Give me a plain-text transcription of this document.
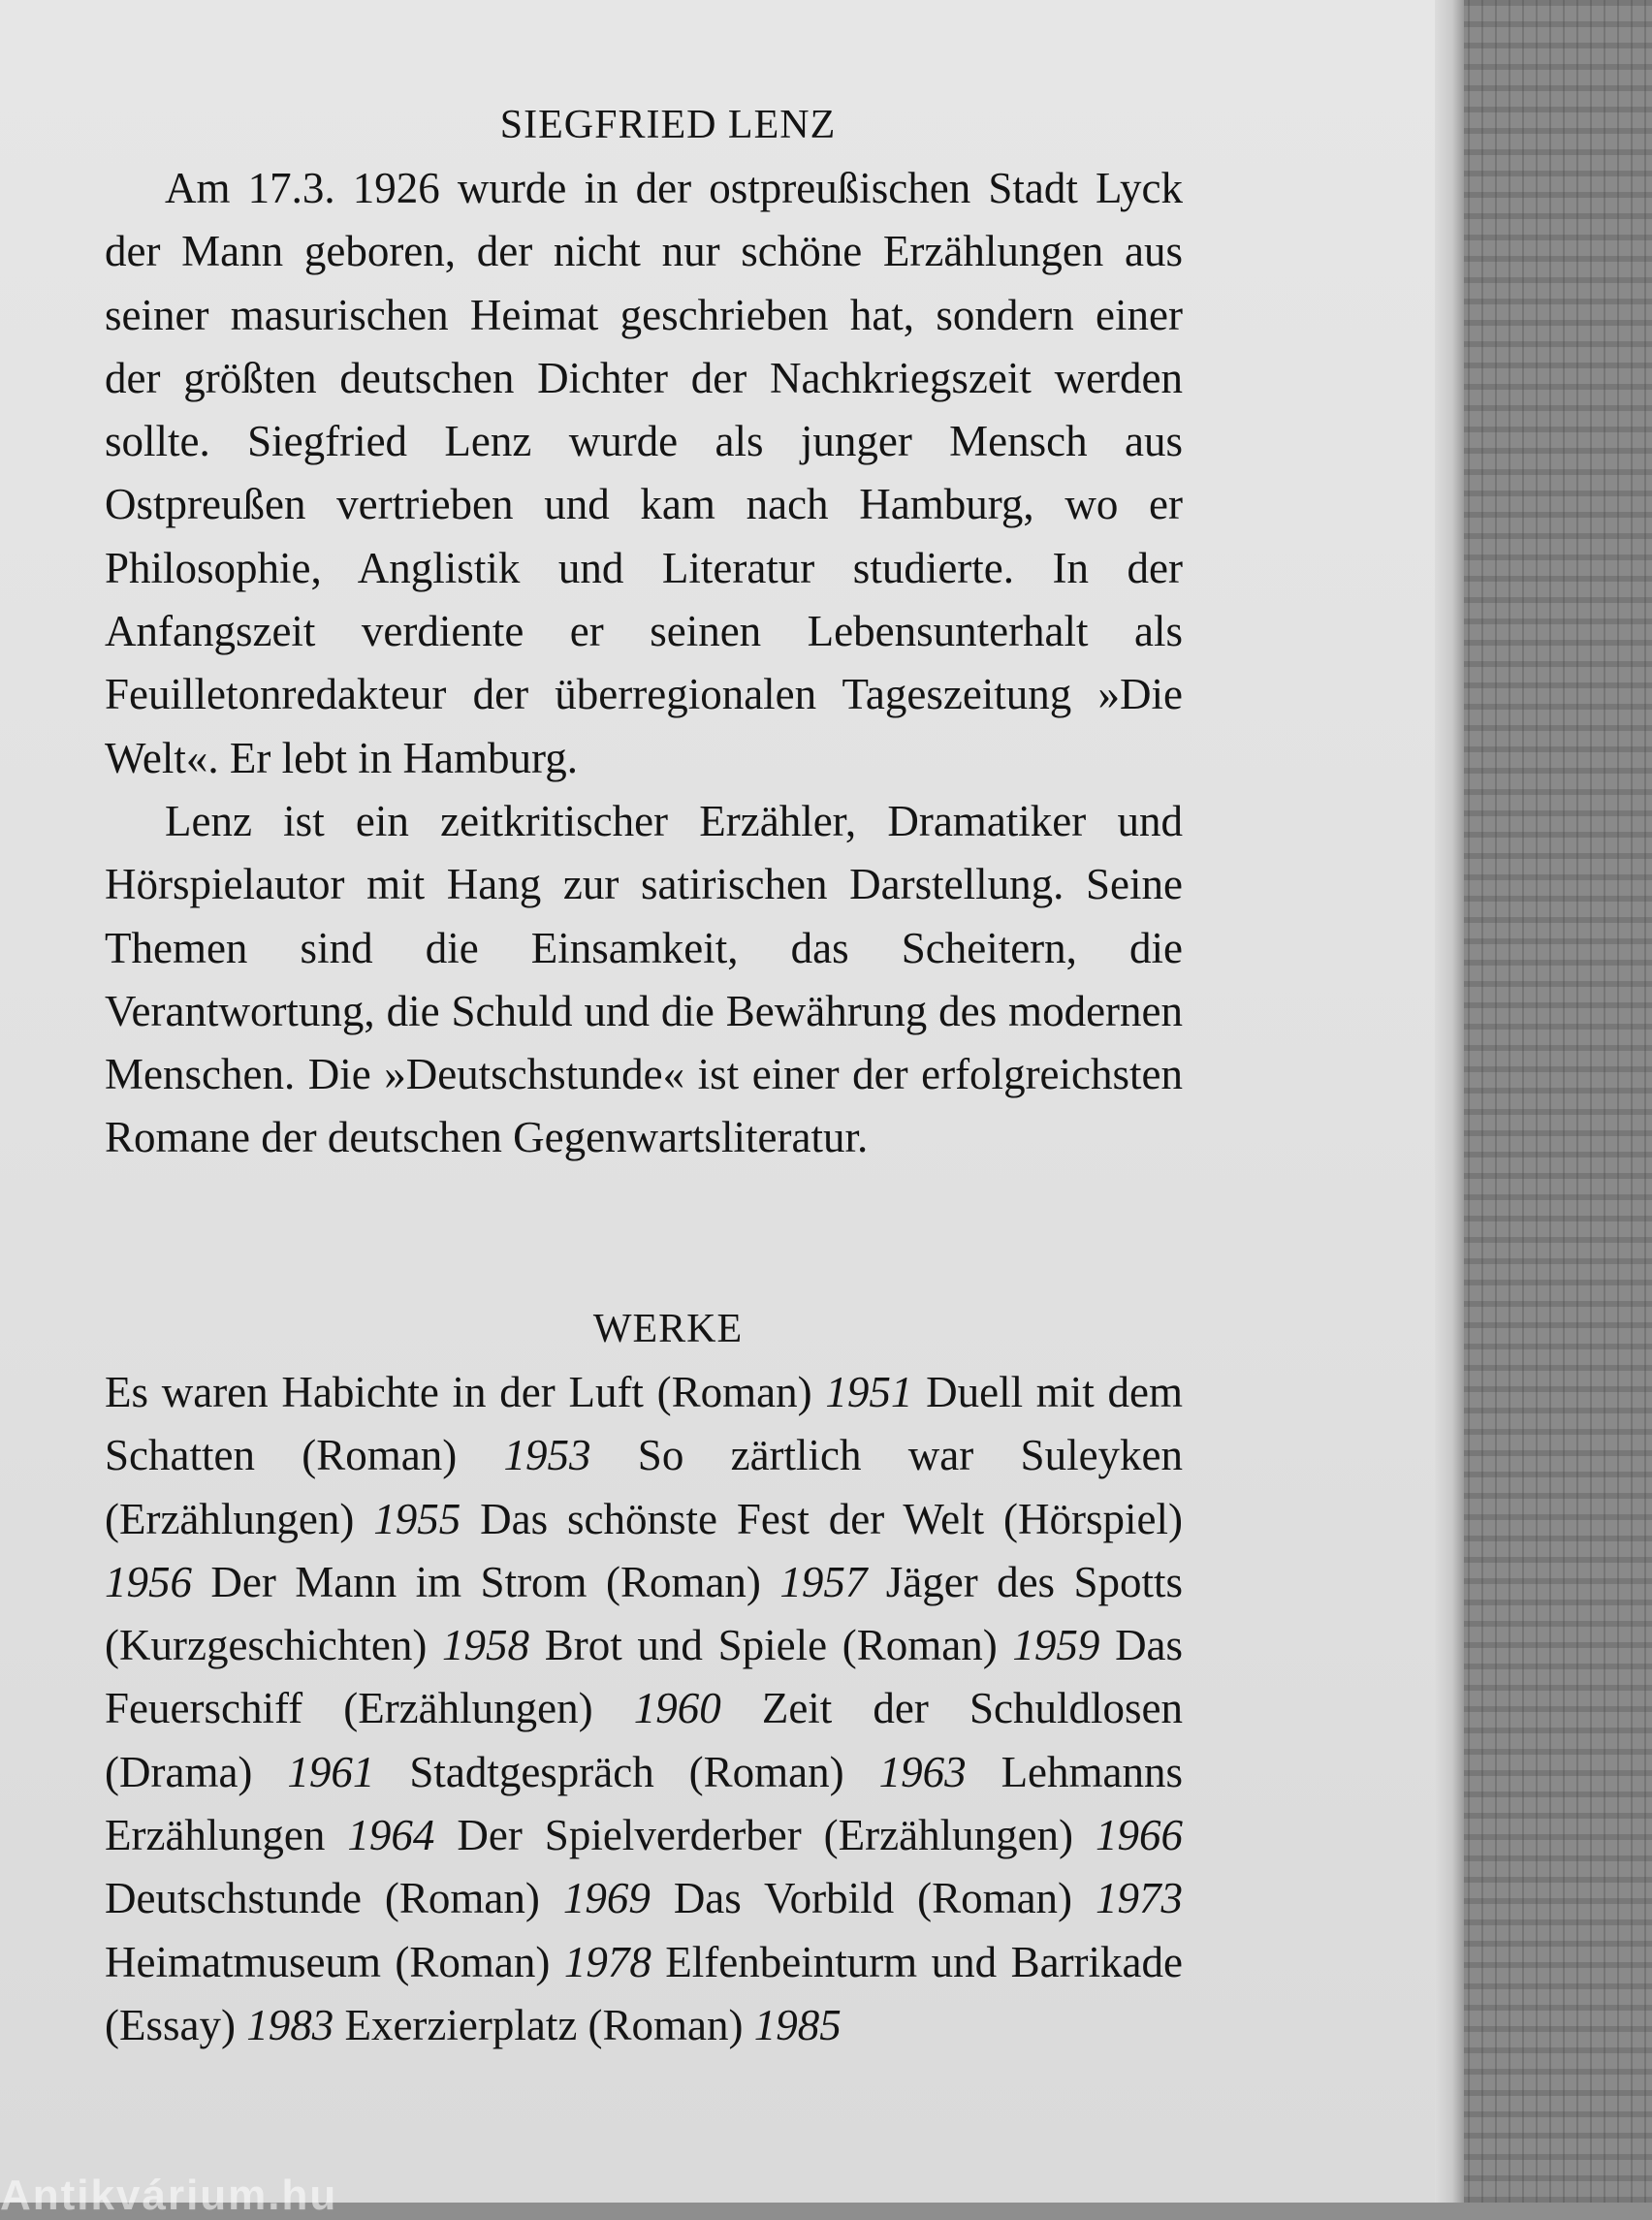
SIEGFRIED LENZ

Am 17.3. 1926 wurde in der ostpreußischen Stadt Lyck der Mann geboren, der nicht nur schöne Erzählungen aus seiner masurischen Heimat geschrieben hat, sondern einer der größten deutschen Dichter der Nachkriegszeit werden sollte. Siegfried Lenz wurde als junger Mensch aus Ostpreußen vertrieben und kam nach Hamburg, wo er Philosophie, Anglistik und Literatur studierte. In der Anfangszeit verdiente er seinen Lebensunterhalt als Feuilletonredakteur der überregionalen Tageszeitung »Die Welt«. Er lebt in Hamburg.

Lenz ist ein zeitkritischer Erzähler, Dramatiker und Hörspielautor mit Hang zur satirischen Darstellung. Seine Themen sind die Einsamkeit, das Scheitern, die Verantwortung, die Schuld und die Bewährung des modernen Menschen. Die »Deutschstunde« ist einer der erfolgreichsten Romane der deutschen Gegenwartsliteratur.

WERKE

Es waren Habichte in der Luft (Roman) 1951 Duell mit dem Schatten (Roman) 1953 So zärtlich war Suleyken (Erzählungen) 1955 Das schönste Fest der Welt (Hörspiel) 1956 Der Mann im Strom (Roman) 1957 Jäger des Spotts (Kurzgeschichten) 1958 Brot und Spiele (Roman) 1959 Das Feuerschiff (Erzählungen) 1960 Zeit der Schuldlosen (Drama) 1961 Stadtgespräch (Roman) 1963 Lehmanns Erzählungen 1964 Der Spielverderber (Erzählungen) 1966 Deutschstunde (Roman) 1969 Das Vorbild (Roman) 1973 Heimatmuseum (Roman) 1978 Elfenbeinturm und Barrikade (Essay) 1983 Exerzierplatz (Roman) 1985

Antikvárium.hu
